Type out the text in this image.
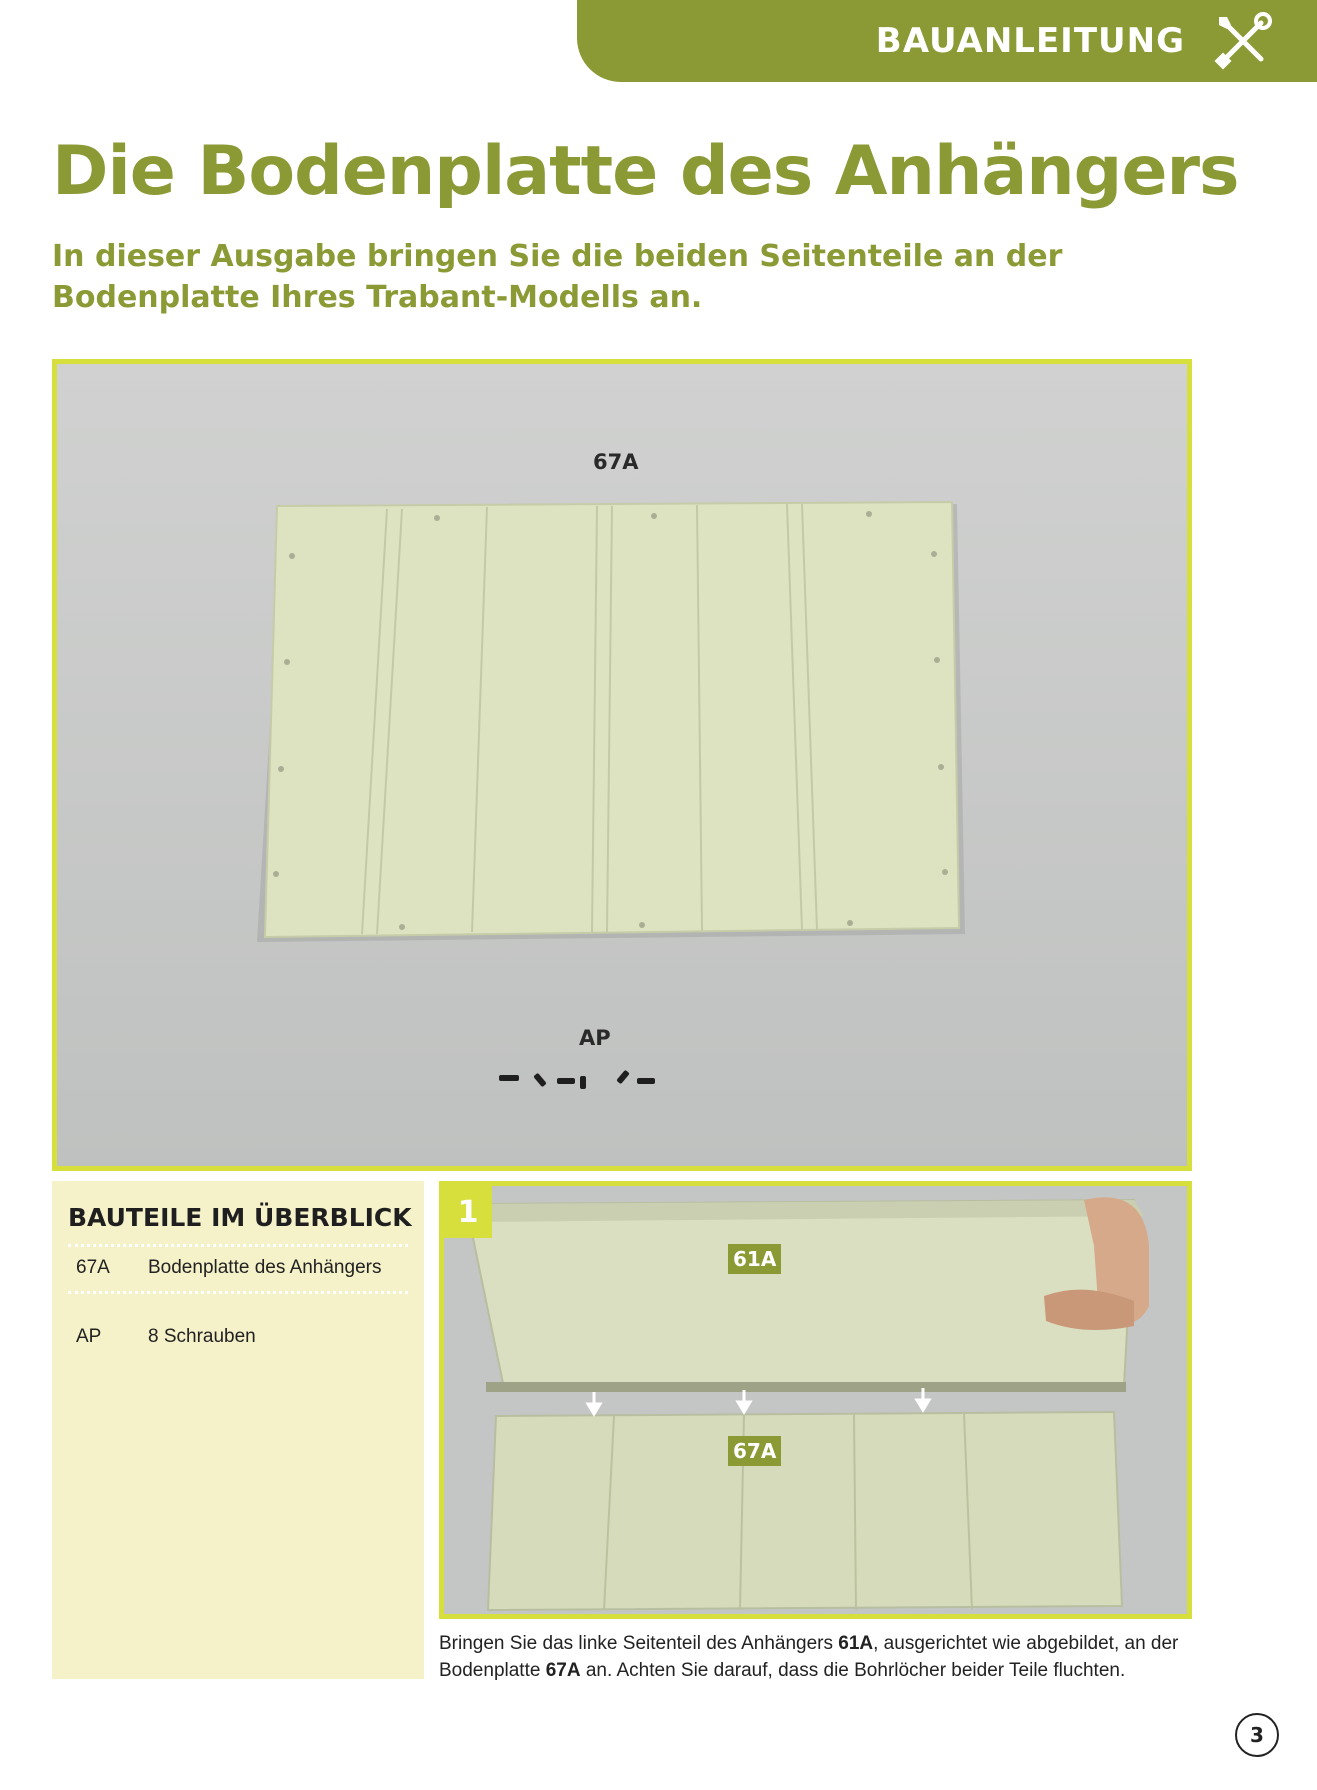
BAUANLEITUNG
Die Bodenplatte des Anhängers

In dieser Ausgabe bringen Sie die beiden Seitenteile an der Bodenplatte Ihres Trabant-Modells an.

67A
AP
BAUTEILE IM ÜBERBLICK
67A	Bodenplatte des Anhängers
AP	8 Schrauben
1
61A
67A

Bringen Sie das linke Seitenteil des Anhängers 61A, ausgerichtet wie abgebildet, an der Bodenplatte 67A an. Achten Sie darauf, dass die Bohrlöcher beider Teile fluchten.

3
